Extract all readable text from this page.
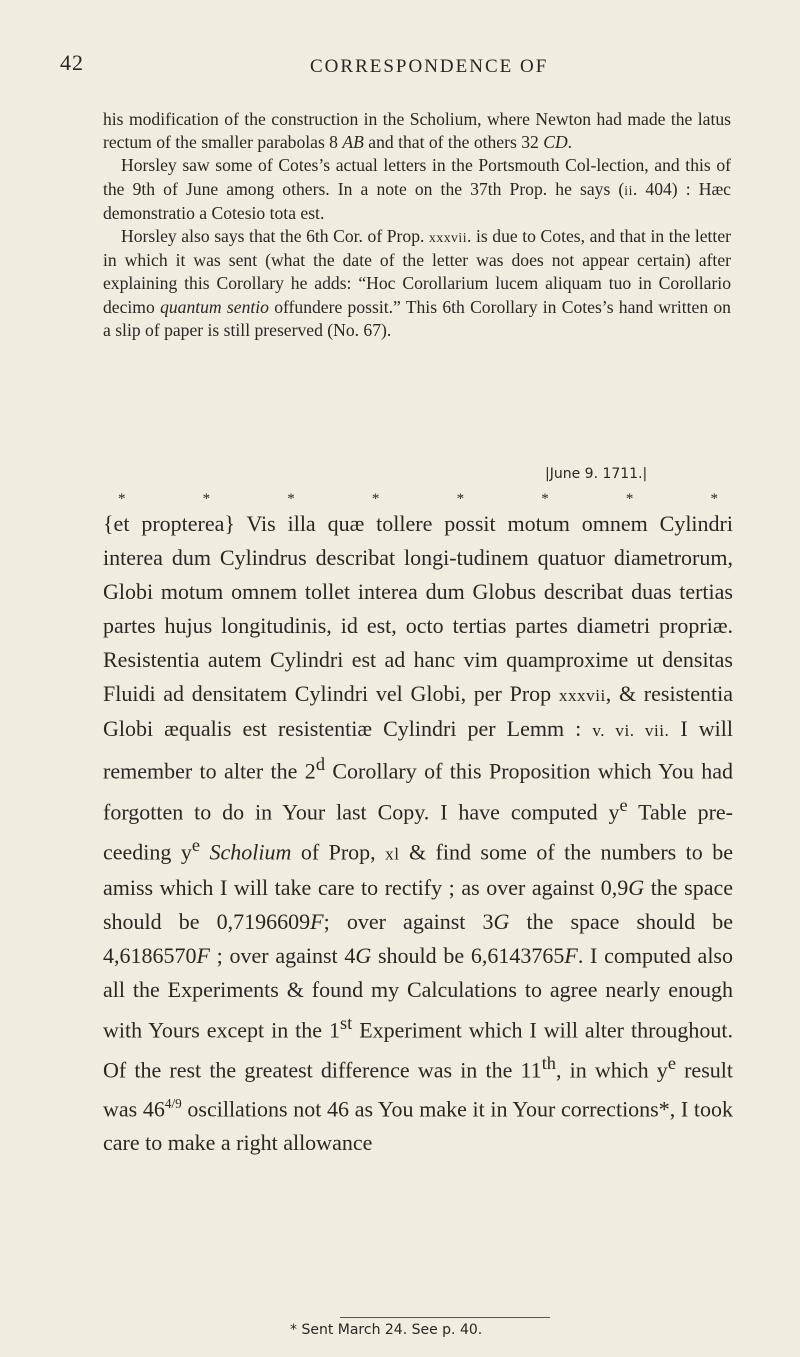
42	CORRESPONDENCE OF

his modification of the construction in the Scholium, where Newton had made the latus rectum of the smaller parabolas 8 AB and that of the others 32 CD.

Horsley saw some of Cotes’s actual letters in the Portsmouth Col-lection, and this of the 9th of June among others. In a note on the 37th Prop. he says (ii. 404) : Hæc demonstratio a Cotesio tota est.

Horsley also says that the 6th Cor. of Prop. xxxvii. is due to Cotes, and that in the letter in which it was sent (what the date of the letter was does not appear certain) after explaining this Corollary he adds: “Hoc Corollarium lucem aliquam tuo in Corollario decimo quantum sentio offundere possit.” This 6th Corollary in Cotes’s hand written on a slip of paper is still preserved (No. 67).

|June 9. 1711.|
*	*	*	*	*	*	*	*

{et propterea} Vis illa quæ tollere possit motum omnem Cylindri interea dum Cylindrus describat longi-tudinem quatuor diametrorum, Globi motum omnem tollet interea dum Globus describat duas tertias partes hujus longitudinis, id est, octo tertias partes diametri propriæ. Resistentia autem Cylindri est ad hanc vim quamproxime ut densitas Fluidi ad densitatem Cylindri vel Globi, per Prop xxxvii, & resistentia Globi æqualis est resistentiæ Cylindri per Lemm : v. vi. vii. I will remember to alter the 2$^d$ Corollary of this Proposition which You had forgotten to do in Your last Copy. I have computed $y^e$ Table pre-ceeding $y^e$ Scholium of Prop, xl & find some of the numbers to be amiss which I will take care to rectify ; as over against 0,9G the space should be 0,7196609F; over against 3G the space should be 4,6186570F ; over against 4G should be 6,6143765F. I computed also all the Experiments & found my Calculations to agree nearly enough with Yours except in the 1st Experiment which I will alter throughout. Of the rest the greatest difference was in the 11th, in which $y^e$ result was $46^{4/9}$ oscillations not 46 as You make it in Your corrections*, I took care to make a right allowance

* Sent March 24. See p. 40.
